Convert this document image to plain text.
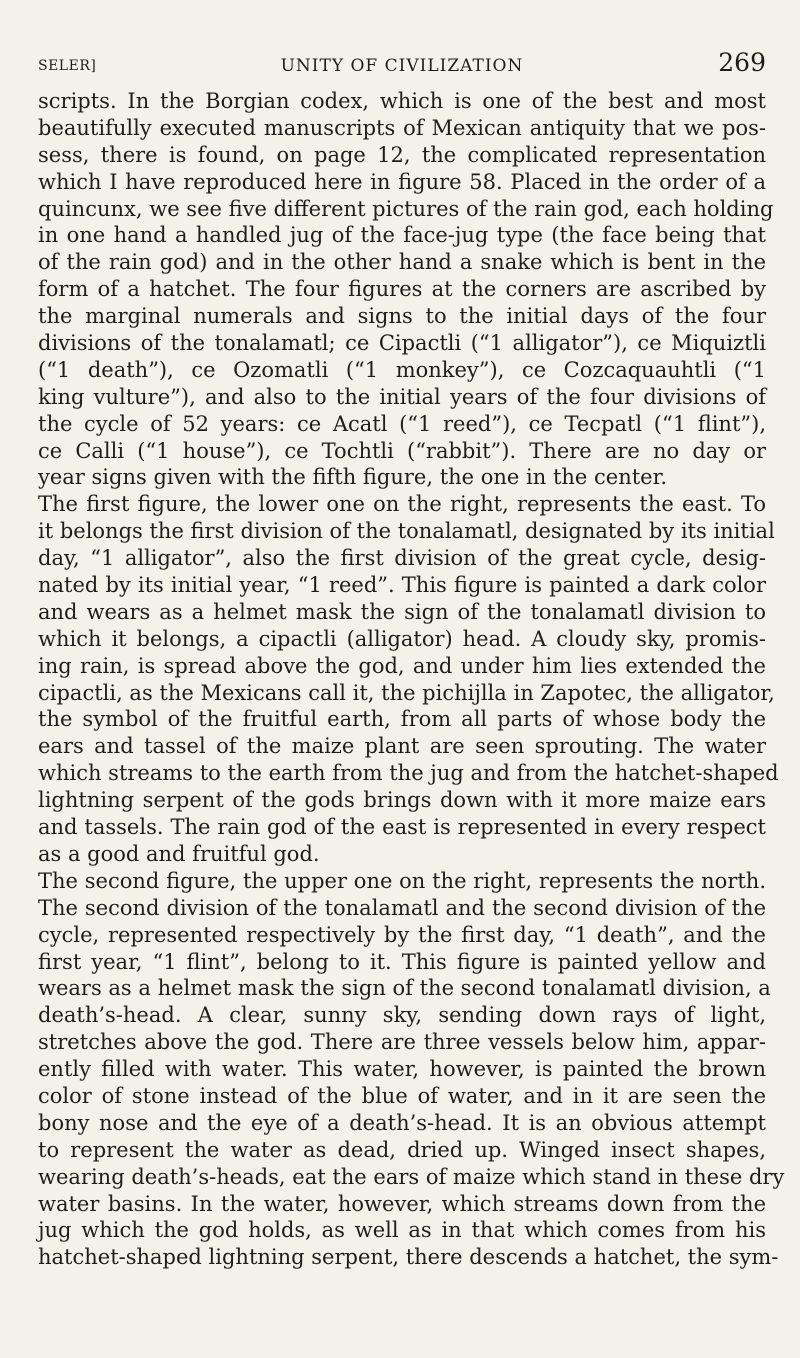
SELER]	UNITY OF CIVILIZATION	269
scripts. In the Borgian codex, which is one of the best and most
beautifully executed manuscripts of Mexican antiquity that we pos-
sess, there is found, on page 12, the complicated representation
which I have reproduced here in figure 58. Placed in the order of a
quincunx, we see five different pictures of the rain god, each holding
in one hand a handled jug of the face-jug type (the face being that
of the rain god) and in the other hand a snake which is bent in the
form of a hatchet. The four figures at the corners are ascribed by
the marginal numerals and signs to the initial days of the four
divisions of the tonalamatl; ce Cipactli (“1 alligator”), ce Miquiztli
(“1 death”), ce Ozomatli (“1 monkey”), ce Cozcaquauhtli (“1
king vulture”), and also to the initial years of the four divisions of
the cycle of 52 years: ce Acatl (“1 reed”), ce Tecpatl (“1 flint”),
ce Calli (“1 house”), ce Tochtli (“rabbit”). There are no day or
year signs given with the fifth figure, the one in the center.
The first figure, the lower one on the right, represents the east. To
it belongs the first division of the tonalamatl, designated by its initial
day, “1 alligator”, also the first division of the great cycle, desig-
nated by its initial year, “1 reed”. This figure is painted a dark color
and wears as a helmet mask the sign of the tonalamatl division to
which it belongs, a cipactli (alligator) head. A cloudy sky, promis-
ing rain, is spread above the god, and under him lies extended the
cipactli, as the Mexicans call it, the pichijlla in Zapotec, the alligator,
the symbol of the fruitful earth, from all parts of whose body the
ears and tassel of the maize plant are seen sprouting. The water
which streams to the earth from the jug and from the hatchet-shaped
lightning serpent of the gods brings down with it more maize ears
and tassels. The rain god of the east is represented in every respect
as a good and fruitful god.
The second figure, the upper one on the right, represents the north.
The second division of the tonalamatl and the second division of the
cycle, represented respectively by the first day, “1 death”, and the
first year, “1 flint”, belong to it. This figure is painted yellow and
wears as a helmet mask the sign of the second tonalamatl division, a
death’s-head. A clear, sunny sky, sending down rays of light,
stretches above the god. There are three vessels below him, appar-
ently filled with water. This water, however, is painted the brown
color of stone instead of the blue of water, and in it are seen the
bony nose and the eye of a death’s-head. It is an obvious attempt
to represent the water as dead, dried up. Winged insect shapes,
wearing death’s-heads, eat the ears of maize which stand in these dry
water basins. In the water, however, which streams down from the
jug which the god holds, as well as in that which comes from his
hatchet-shaped lightning serpent, there descends a hatchet, the sym-
